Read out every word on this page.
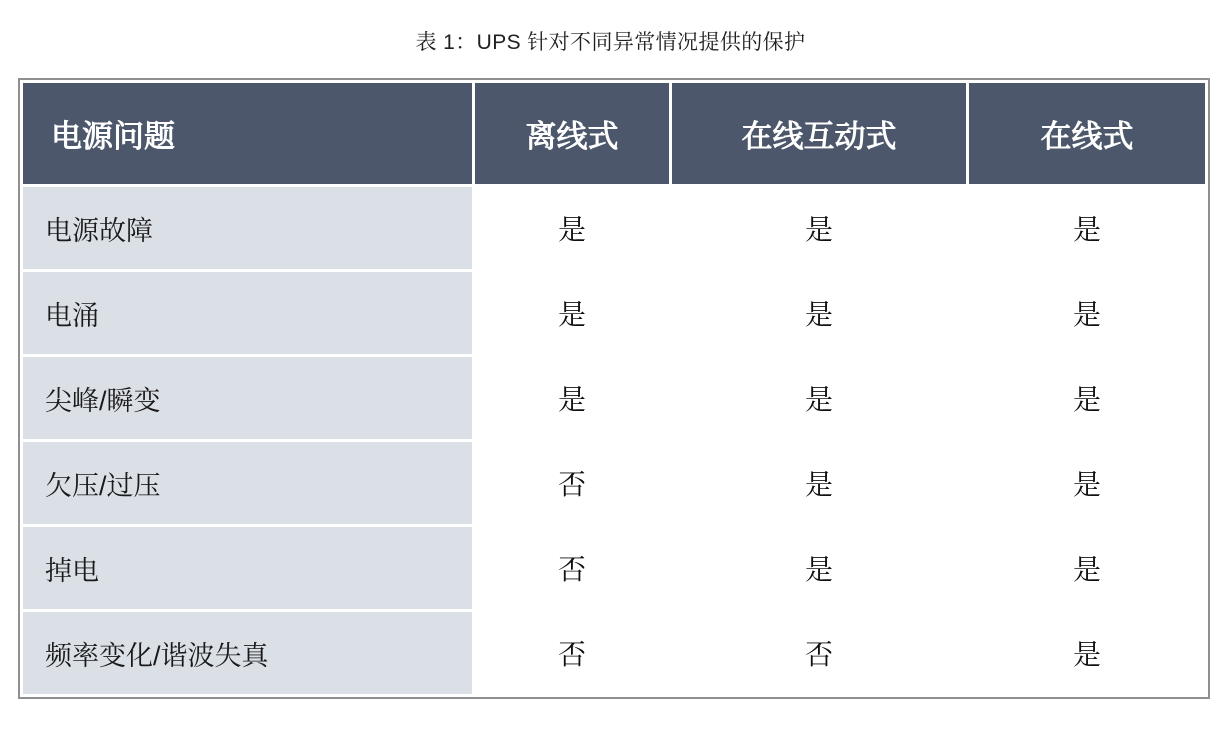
表 1：UPS 针对不同异常情况提供的保护
电源问题	离线式	在线互动式	在线式
电源故障	是	是	是
电涌	是	是	是
尖峰/瞬变	是	是	是
欠压/过压	否	是	是
掉电	否	是	是
频率变化/谐波失真	否	否	是
